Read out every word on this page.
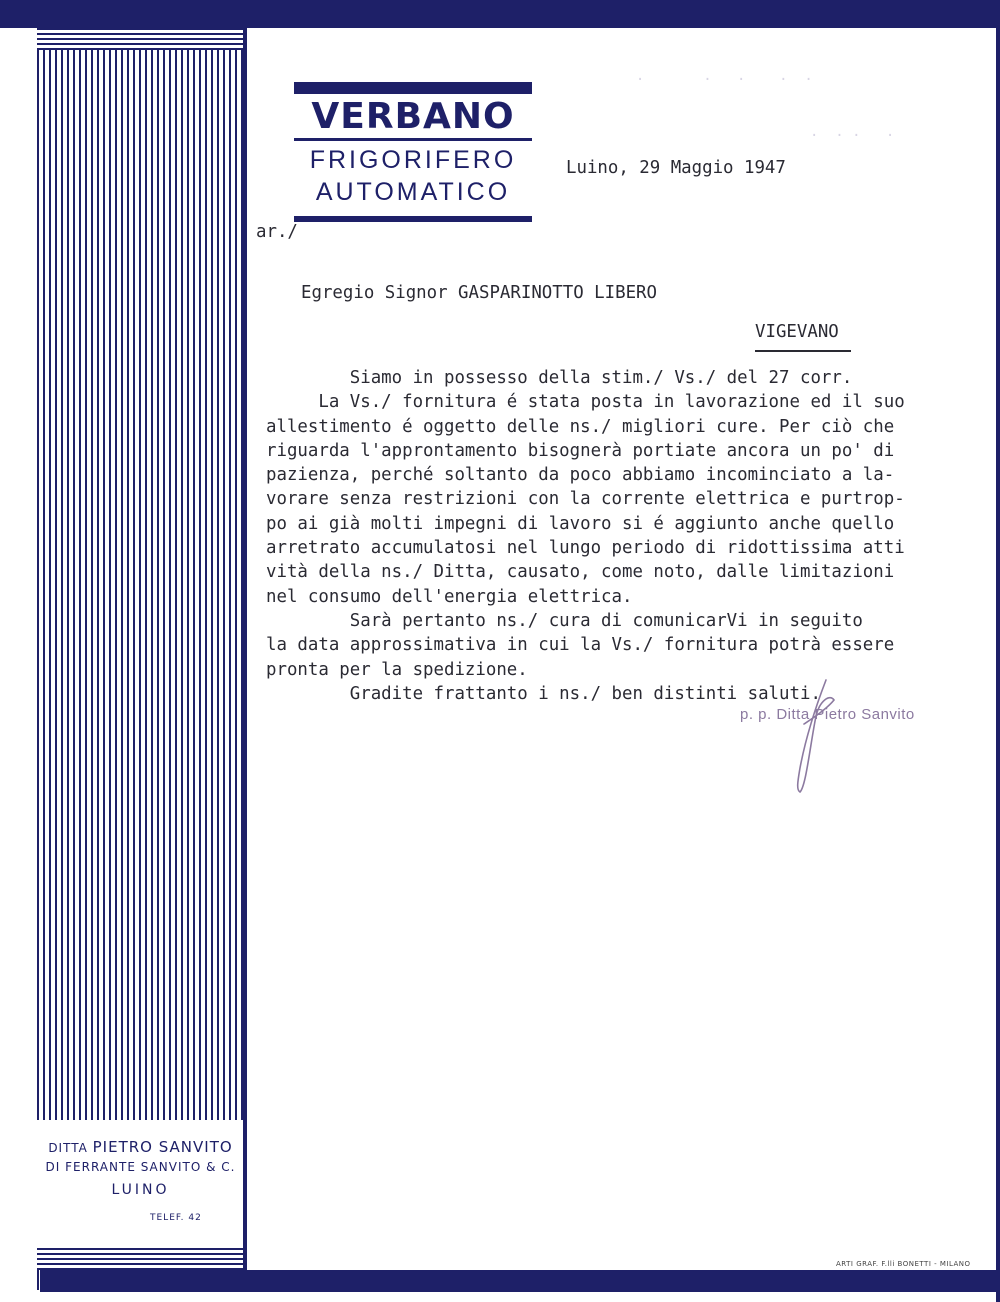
DITTA PIETRO SANVITO
DI FERRANTE SANVITO & C.
LUINO
TELEF. 42
VERBANO
FRIGORIFERO
AUTOMATICO
·       ·   ·    ·  ·
·  · ·   ·
Luino, 29 Maggio 1947
ar./
Egregio Signor GASPARINOTTO LIBERO
VIGEVANO
Siamo in possesso della stim./ Vs./ del 27 corr.
La Vs./ fornitura é stata posta in lavorazione ed il suo
allestimento é oggetto delle ns./ migliori cure. Per ciò che
riguarda l'approntamento bisognerà portiate ancora un po' di
pazienza, perché soltanto da poco abbiamo incominciato a la-
vorare senza restrizioni con la corrente elettrica e purtrop-
po ai già molti impegni di lavoro si é aggiunto anche quello
arretrato accumulatosi nel lungo periodo di ridottissima atti
vità della ns./ Ditta, causato, come noto, dalle limitazioni
nel consumo dell'energia elettrica.
Sarà pertanto ns./ cura di comunicarVi in seguito
la data approssimativa in cui la Vs./ fornitura potrà essere
pronta per la spedizione.
Gradite frattanto i ns./ ben distinti saluti.
p. p. Ditta Pietro Sanvito
ARTI GRAF. F.lli BONETTI - MILANO
